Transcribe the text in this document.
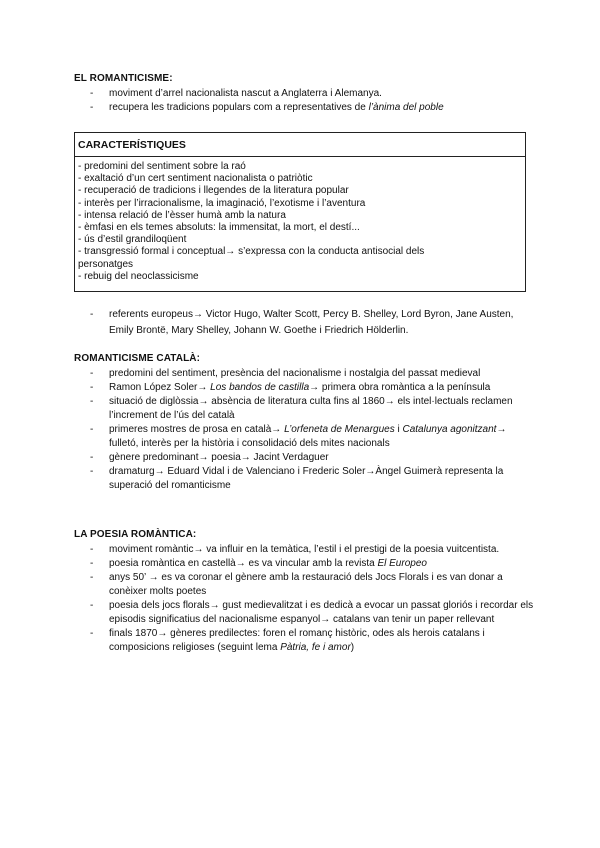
EL ROMANTICISME:
- moviment d’arrel nacionalista nascut a Anglaterra i Alemanya.
- recupera les tradicions populars com a representatives de l’ànima del poble
CARACTERÍSTIQUES
- predomini del sentiment sobre la raó
- exaltació d’un cert sentiment nacionalista o patriòtic
- recuperació de tradicions i llegendes de la literatura popular
- interès per l’irracionalisme, la imaginació, l’exotisme i l’aventura
- intensa relació de l’èsser humà amb la natura
- èmfasi en els temes absoluts: la immensitat, la mort, el destí...
- ús d’estil grandiloqüent
- transgressió formal i conceptual→ s’expressa con la conducta antisocial dels
personatges
- rebuig del neoclassicisme
- referents europeus→ Victor Hugo, Walter Scott, Percy B. Shelley, Lord Byron, Jane Austen, Emily Brontë, Mary Shelley, Johann W. Goethe i Friedrich Hölderlin.
ROMANTICISME CATALÀ:
- predomini del sentiment, presència del nacionalisme i nostalgia del passat medieval
- Ramon López Soler→ Los bandos de castilla→ primera obra romàntica a la península
- situació de diglòssia→ absència de literatura culta fins al 1860→ els intel·lectuals reclamen l’increment de l’ús del català
- primeres mostres de prosa en català→ L’orfeneta de Menargues i Catalunya agonitzant→ fulletó, interès per la història i consolidació dels mites nacionals
- gènere predominant→ poesia→ Jacint Verdaguer
- dramaturg→ Eduard Vidal i de Valenciano i Frederic Soler→Àngel Guimerà representa la superació del romanticisme
LA POESIA ROMÀNTICA:
- moviment romàntic→ va influir en la temàtica, l’estil i el prestigi de la poesia vuitcentista.
- poesia romàntica en castellà→ es va vincular amb la revista El Europeo
- anys 50’ → es va coronar el gènere amb la restauració dels Jocs Florals i es van donar a conèixer molts poetes
- poesia dels jocs florals→ gust medievalitzat i es dedicà a evocar un passat gloriós i recordar els episodis significatius del nacionalisme espanyol→ catalans van tenir un paper rellevant
- finals 1870→ gèneres predilectes: foren el romanç històric, odes als herois catalans i composicions religioses (seguint lema Pàtria, fe i amor)
